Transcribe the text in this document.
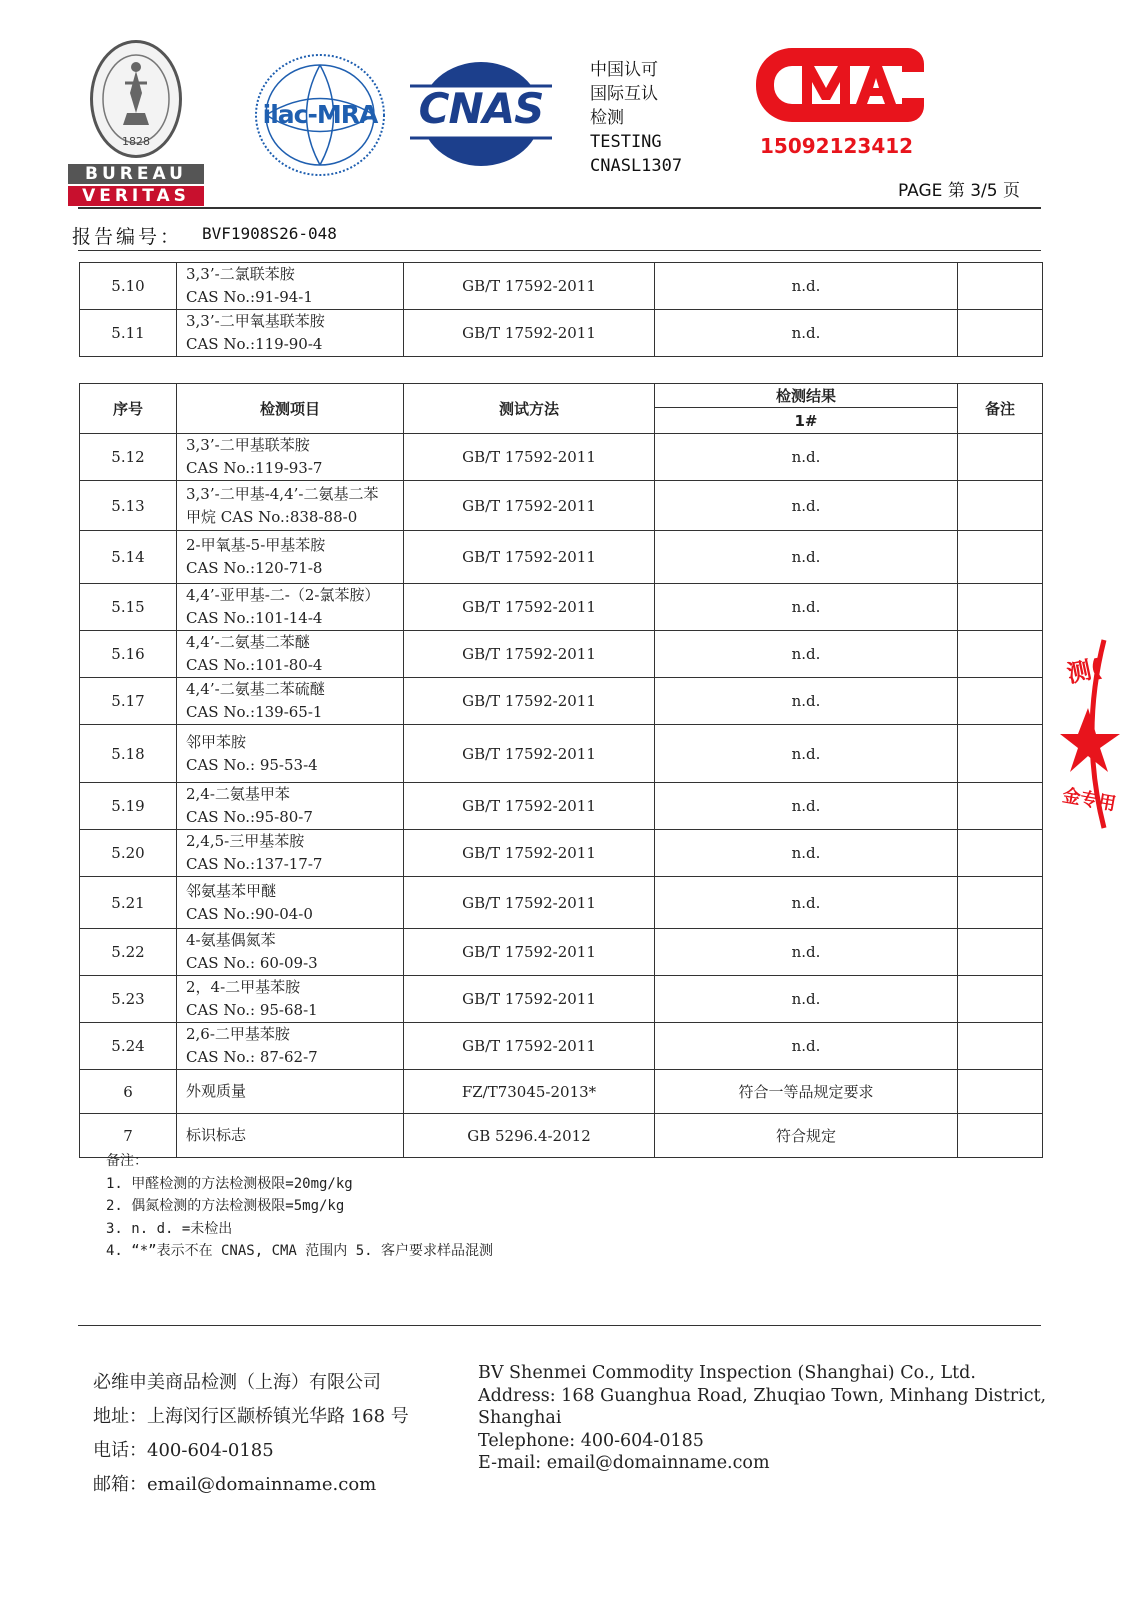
1828
BUREAU
VERITAS
ilac-MRA CNAS
中国认可
国际互认
检测
TESTING
CNASL1307
15092123412
PAGE 第 3/5 页
报告编号： BVF1908S26-048
5.10	3,3’-二氯联苯胺
CAS No.:91-94-1	GB/T 17592-2011	n.d.	
5.11	3,3’-二甲氧基联苯胺
CAS No.:119-90-4	GB/T 17592-2011	n.d.	
序号	检测项目	测试方法	检测结果	备注
			1#	
5.12	3,3’-二甲基联苯胺
CAS No.:119-93-7	GB/T 17592-2011	n.d.	
5.13	3,3’-二甲基-4,4’-二氨基二苯
甲烷 CAS No.:838-88-0	GB/T 17592-2011	n.d.	
5.14	2-甲氧基-5-甲基苯胺
CAS No.:120-71-8	GB/T 17592-2011	n.d.	
5.15	4,4’-亚甲基-二-（2-氯苯胺）
CAS No.:101-14-4	GB/T 17592-2011	n.d.	
5.16	4,4’-二氨基二苯醚
CAS No.:101-80-4	GB/T 17592-2011	n.d.	
5.17	4,4’-二氨基二苯硫醚
CAS No.:139-65-1	GB/T 17592-2011	n.d.	
5.18	邻甲苯胺
CAS No.: 95-53-4	GB/T 17592-2011	n.d.	
5.19	2,4-二氨基甲苯
CAS No.:95-80-7	GB/T 17592-2011	n.d.	
5.20	2,4,5-三甲基苯胺
CAS No.:137-17-7	GB/T 17592-2011	n.d.	
5.21	邻氨基苯甲醚
CAS No.:90-04-0	GB/T 17592-2011	n.d.	
5.22	4-氨基偶氮苯
CAS No.: 60-09-3	GB/T 17592-2011	n.d.	
5.23	2，4-二甲基苯胺
CAS No.: 95-68-1	GB/T 17592-2011	n.d.	
5.24	2,6-二甲基苯胺
CAS No.: 87-62-7	GB/T 17592-2011	n.d.	
6	外观质量	FZ/T73045-2013*	符合一等品规定要求	
7	标识标志	GB 5296.4-2012	符合规定	
备注：
1. 甲醛检测的方法检测极限=20mg/kg
2. 偶氮检测的方法检测极限=5mg/kg
3. n. d. =未检出
4. “*”表示不在 CNAS, CMA 范围内 5. 客户要求样品混测
必维申美商品检测（上海）有限公司
地址：上海闵行区颛桥镇光华路 168 号
电话：400-604-0185
邮箱：email@domainname.com
BV Shenmei Commodity Inspection (Shanghai) Co., Ltd.
Address: 168 Guanghua Road, Zhuqiao Town, Minhang District,
Shanghai
Telephone: 400-604-0185
E-mail: email@domainname.com
测(
金专用
